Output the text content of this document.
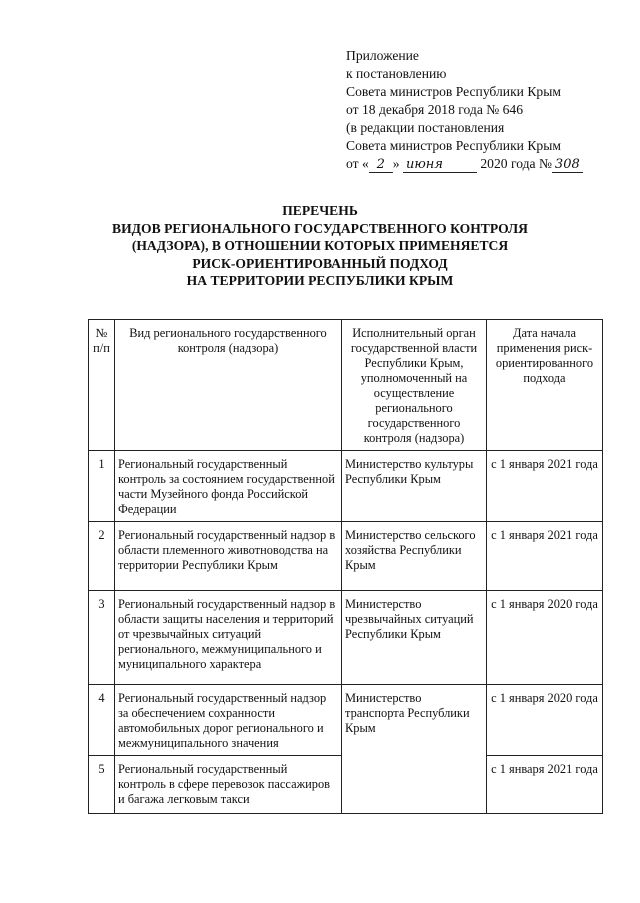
Приложение
к постановлению
Совета министров Республики Крым
от 18 декабря 2018 года № 646
(в редакции постановления
Совета министров Республики Крым
от « 2 » июня	2020 года № 308
ПЕРЕЧЕНЬ
ВИДОВ РЕГИОНАЛЬНОГО ГОСУДАРСТВЕННОГО КОНТРОЛЯ
(НАДЗОРА), В ОТНОШЕНИИ КОТОРЫХ ПРИМЕНЯЕТСЯ
РИСК-ОРИЕНТИРОВАННЫЙ ПОДХОД
НА ТЕРРИТОРИИ РЕСПУБЛИКИ КРЫМ
№ п/п	Вид регионального государственного контроля (надзора)	Исполнительный орган государственной власти Республики Крым, уполномоченный на осуществление регионального государственного контроля (надзора)	Дата начала применения риск-ориентированного подхода
1	Региональный государственный контроль за состоянием государственной части Музейного фонда Российской Федерации	Министерство культуры Республики Крым	с 1 января 2021 года
2	Региональный государственный надзор в области племенного животноводства на территории Республики Крым	Министерство сельского хозяйства Республики Крым	с 1 января 2021 года
3	Региональный государственный надзор в области защиты населения и территорий от чрезвычайных ситуаций регионального, межмуниципального и муниципального характера	Министерство чрезвычайных ситуаций Республики Крым	с 1 января 2020 года
4	Региональный государственный надзор за обеспечением сохранности автомобильных дорог регионального и межмуниципального значения	Министерство транспорта Республики Крым	с 1 января 2020 года
5	Региональный государственный контроль в сфере перевозок пассажиров и багажа легковым такси		с 1 января 2021 года
